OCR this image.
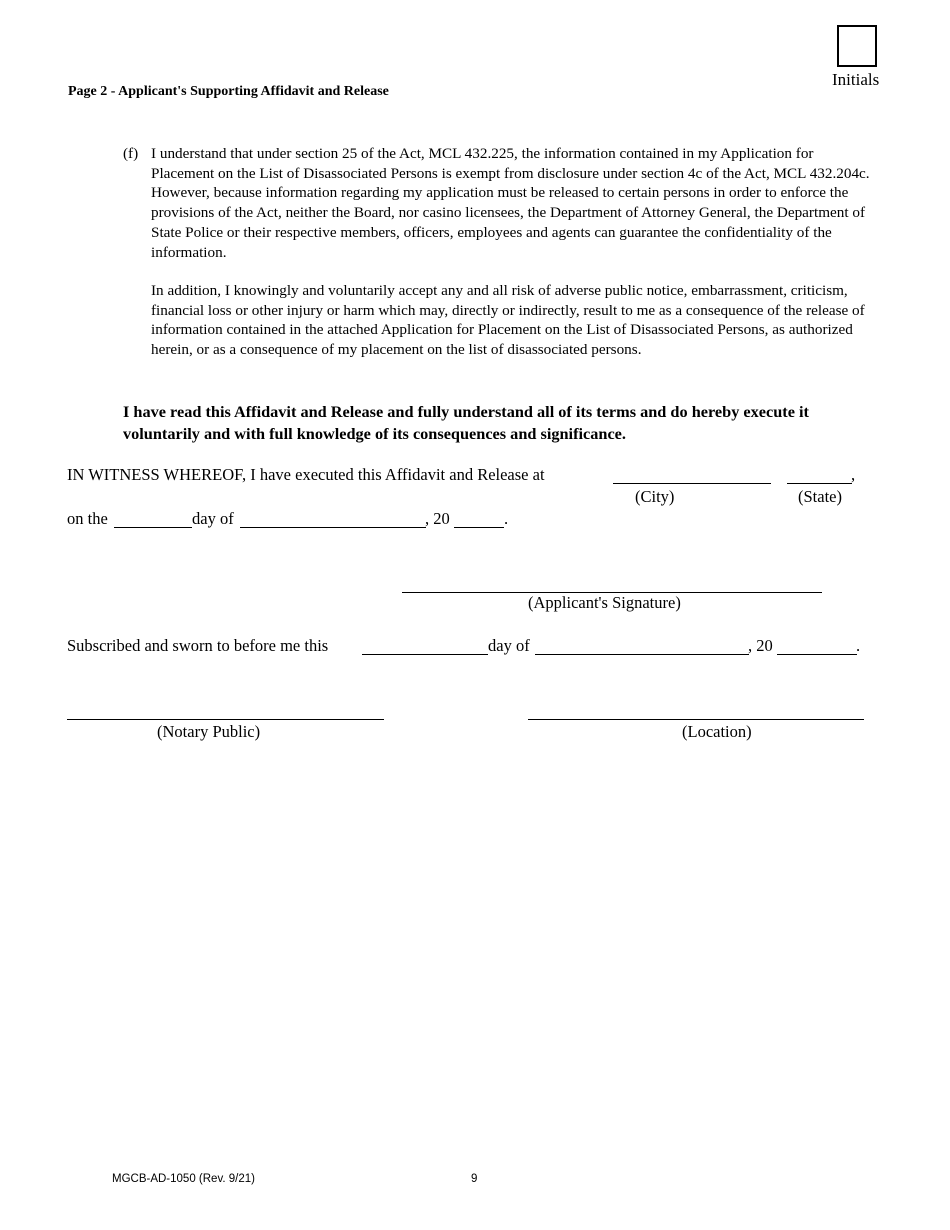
Initials
Page 2 - Applicant's Supporting Affidavit and Release
(f) I understand that under section 25 of the Act, MCL 432.225, the information contained in my Application for Placement on the List of Disassociated Persons is exempt from disclosure under section 4c of the Act, MCL 432.204c. However, because information regarding my application must be released to certain persons in order to enforce the provisions of the Act, neither the Board, nor casino licensees, the Department of Attorney General, the Department of State Police or their respective members, officers, employees and agents can guarantee the confidentiality of the information.
In addition, I knowingly and voluntarily accept any and all risk of adverse public notice, embarrassment, criticism, financial loss or other injury or harm which may, directly or indirectly, result to me as a consequence of the release of information contained in the attached Application for Placement on the List of Disassociated Persons, as authorized herein, or as a consequence of my placement on the list of disassociated persons.
I have read this Affidavit and Release and fully understand all of its terms and do hereby execute it voluntarily and with full knowledge of its consequences and significance.
IN WITNESS WHEREOF, I have executed this Affidavit and Release at	,
(City)	(State)
on the	day of	, 20	.
(Applicant's Signature)
Subscribed and sworn to before me this	day of	, 20	.
(Notary Public)	(Location)
MGCB-AD-1050 (Rev. 9/21)	9
